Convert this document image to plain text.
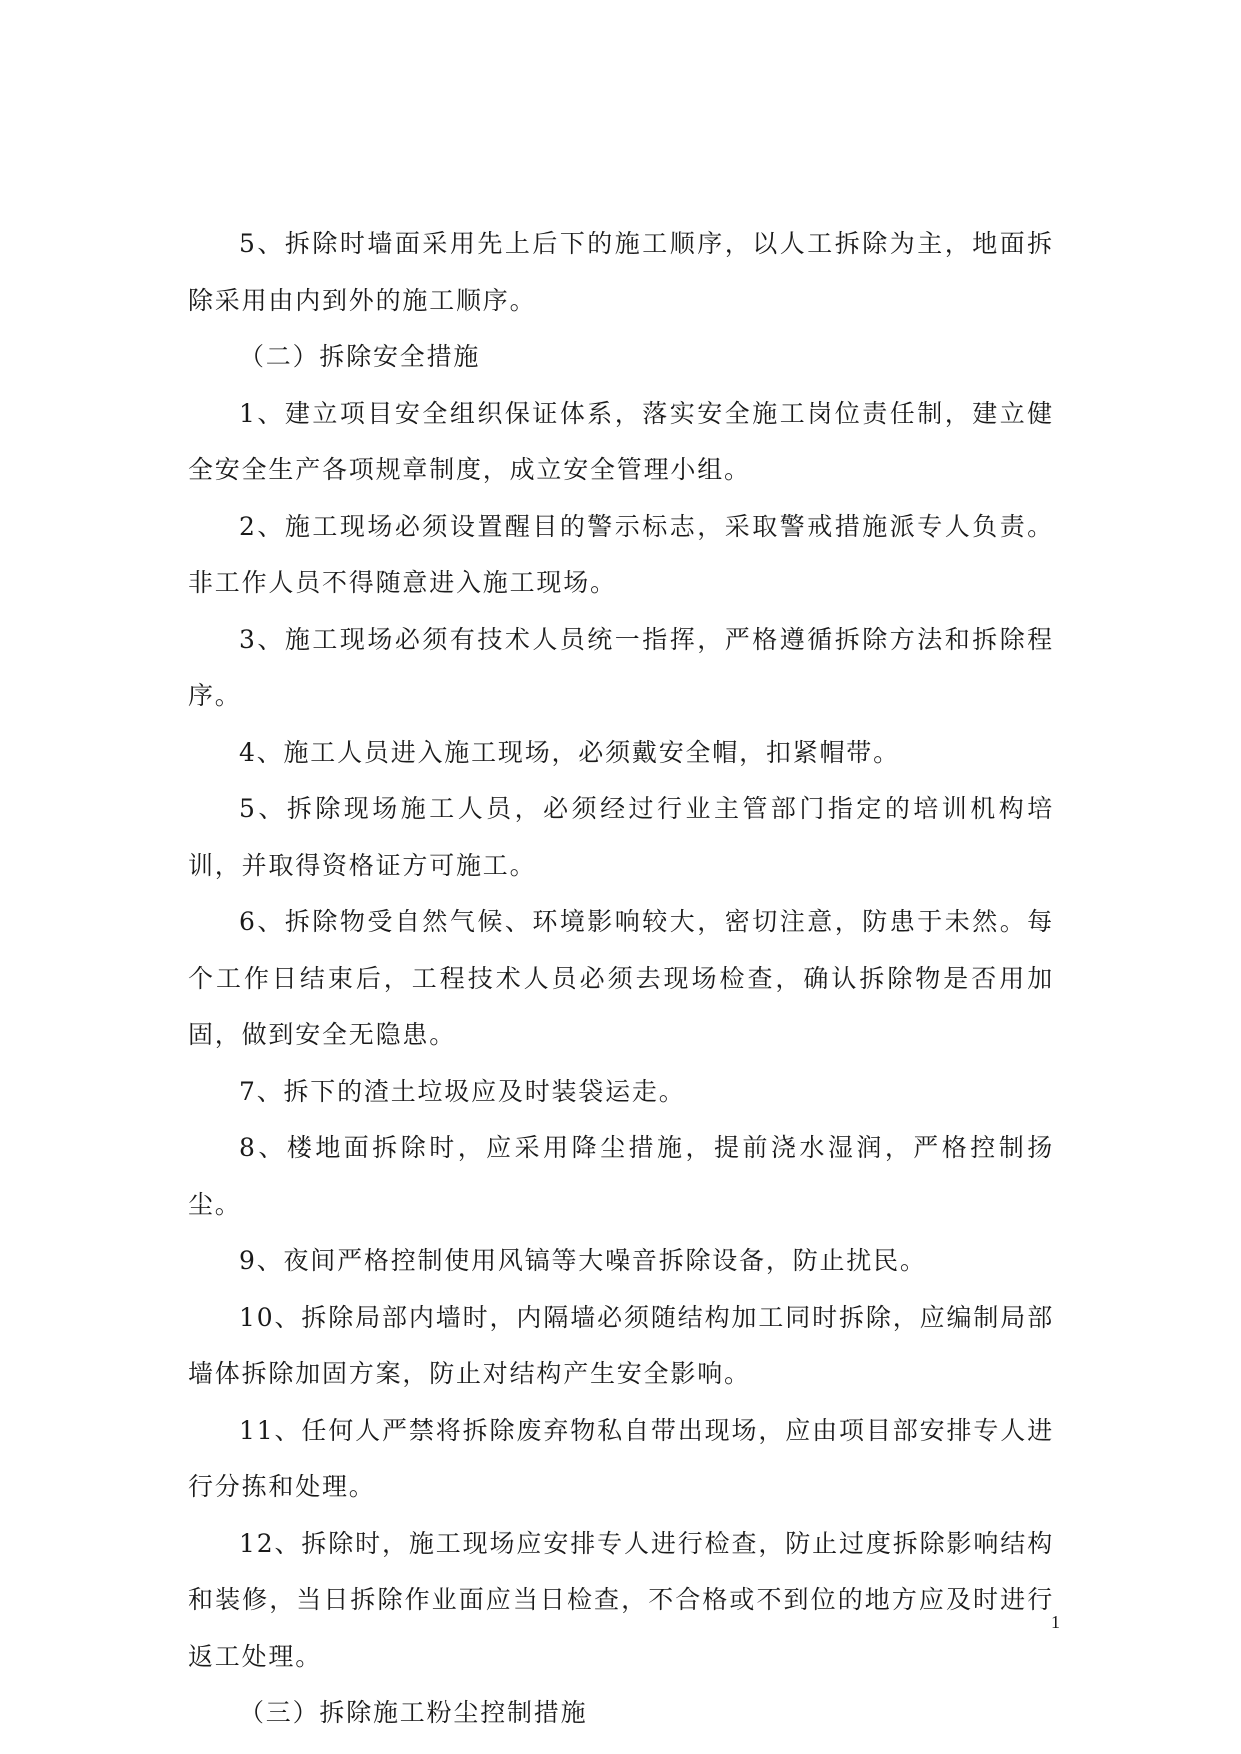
5、拆除时墙面采用先上后下的施工顺序，以人工拆除为主，地面拆除采用由内到外的施工顺序。

（二）拆除安全措施

1、建立项目安全组织保证体系，落实安全施工岗位责任制，建立健全安全生产各项规章制度，成立安全管理小组。

2、施工现场必须设置醒目的警示标志，采取警戒措施派专人负责。非工作人员不得随意进入施工现场。

3、施工现场必须有技术人员统一指挥，严格遵循拆除方法和拆除程序。

4、施工人员进入施工现场，必须戴安全帽，扣紧帽带。

5、拆除现场施工人员，必须经过行业主管部门指定的培训机构培训，并取得资格证方可施工。

6、拆除物受自然气候、环境影响较大，密切注意，防患于未然。每个工作日结束后，工程技术人员必须去现场检查，确认拆除物是否用加固，做到安全无隐患。

7、拆下的渣土垃圾应及时装袋运走。

8、楼地面拆除时，应采用降尘措施，提前浇水湿润，严格控制扬尘。

9、夜间严格控制使用风镐等大噪音拆除设备，防止扰民。

10、拆除局部内墙时，内隔墙必须随结构加工同时拆除，应编制局部墙体拆除加固方案，防止对结构产生安全影响。

11、任何人严禁将拆除废弃物私自带出现场，应由项目部安排专人进行分拣和处理。

12、拆除时，施工现场应安排专人进行检查，防止过度拆除影响结构和装修，当日拆除作业面应当日检查，不合格或不到位的地方应及时进行返工处理。

（三）拆除施工粉尘控制措施

1
